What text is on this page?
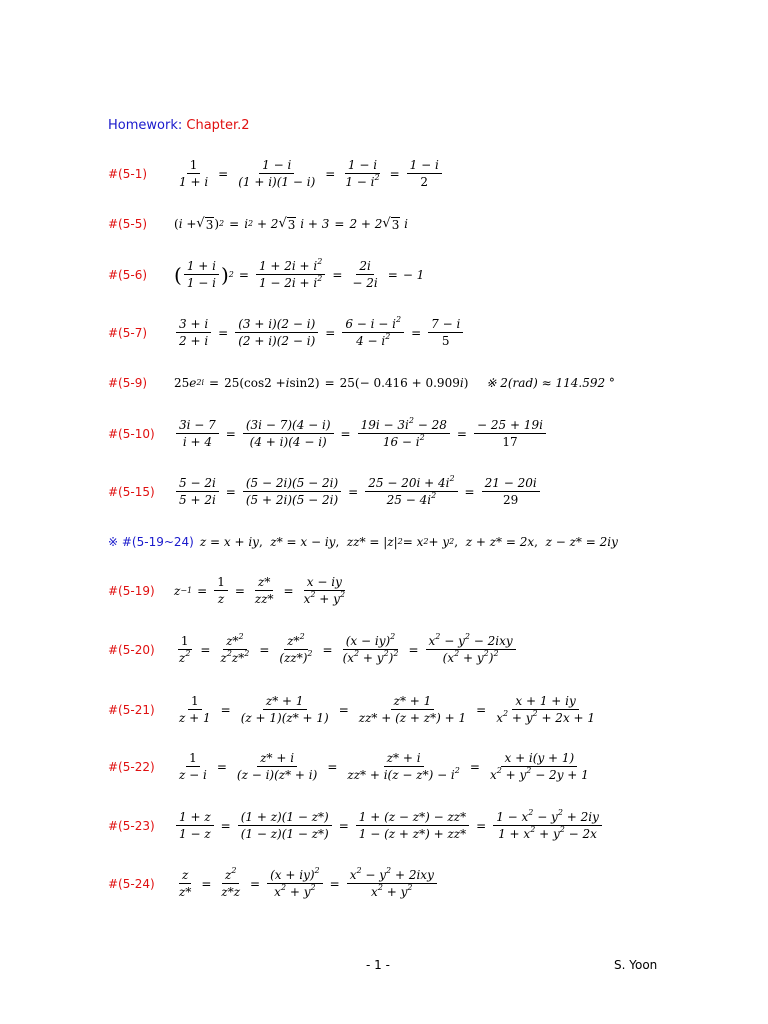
Homework: Chapter.2
#(5-1)	$\frac{1}{1 + i} = \frac{1 - i}{(1 + i)(1 - i)} = \frac{1 - i}{1 - i^2} = \frac{1 - i}{2}$
#(5-5)	( i + √ 3 ) 2 = i 2 + 2 √ 3 i + 3 = 2 + 2 √ 3 i
#(5-6)	( $\frac{1 + i}{1 - i}$ ) $2 = \frac{1 + 2i + i^2}{1 - 2i + i^2} = \frac{2i}{- 2i}$ = − 1
#(5-7)	$\frac{3 + i}{2 + i} = \frac{(3 + i)(2 - i)}{(2 + i)(2 - i)} = \frac{6 - i - i^2}{4 - i^2} = \frac{7 - i}{5}$
#(5-9)	25 e 2i = 25(cos2 + i sin2) = 25(− 0.416 + 0.909 i ) ※ 2(rad) ≈ 114.592 °
#(5-10)	$\frac{3i - 7}{i + 4} = \frac{(3i - 7)(4 - i)}{(4 + i)(4 - i)} = \frac{19i - 3i^2 - 28}{16 - i^2} = \frac{- 25 + 19i}{17}$
#(5-15)	$\frac{5 - 2i}{5 + 2i} = \frac{(5 - 2i)(5 - 2i)}{(5 + 2i)(5 - 2i)} = \frac{25 - 20i + 4i^2}{25 - 4i^2} = \frac{21 - 20i}{29}$
※ #(5-19~24) z = x + iy , z* = x − iy , zz* = |z| 2 = x 2 + y 2 , z + z* = 2x , z − z* = 2iy
#(5-19)	$z -1 = \frac{1}{z} = \frac{z*}{zz*} = \frac{x - iy}{x^2 + y^2}$
#(5-20)	$\frac{1}{z^2} = \frac{z*^2}{z^2z*^2} = \frac{z*^2}{(zz*)^2} = \frac{(x - iy)^2}{(x^2 + y^2)^2} = \frac{x^2 - y^2 - 2ixy}{(x^2 + y^2)^2}$
#(5-21)	$\frac{1}{z + 1} = \frac{z* + 1}{(z + 1)(z* + 1)} = \frac{z* + 1}{zz* + (z + z*) + 1} = \frac{x + 1 + iy}{x^2 + y^2 + 2x + 1}$
#(5-22)	$\frac{1}{z - i} = \frac{z* + i}{(z - i)(z* + i)} = \frac{z* + i}{zz* + i(z - z*) - i^2} = \frac{x + i(y + 1)}{x^2 + y^2 - 2y + 1}$
#(5-23)	$\frac{1 + z}{1 - z} = \frac{(1 + z)(1 - z*)}{(1 - z)(1 - z*)} = \frac{1 + (z - z*) - zz*}{1 - (z + z*) + zz*} = \frac{1 - x^2 - y^2 + 2iy}{1 + x^2 + y^2 - 2x}$
#(5-24)	$\frac{z}{z*} = \frac{z^2}{z*z} = \frac{(x + iy)^2}{x^2 + y^2} = \frac{x^2 - y^2 + 2ixy}{x^2 + y^2}$
- 1 -	S. Yoon
